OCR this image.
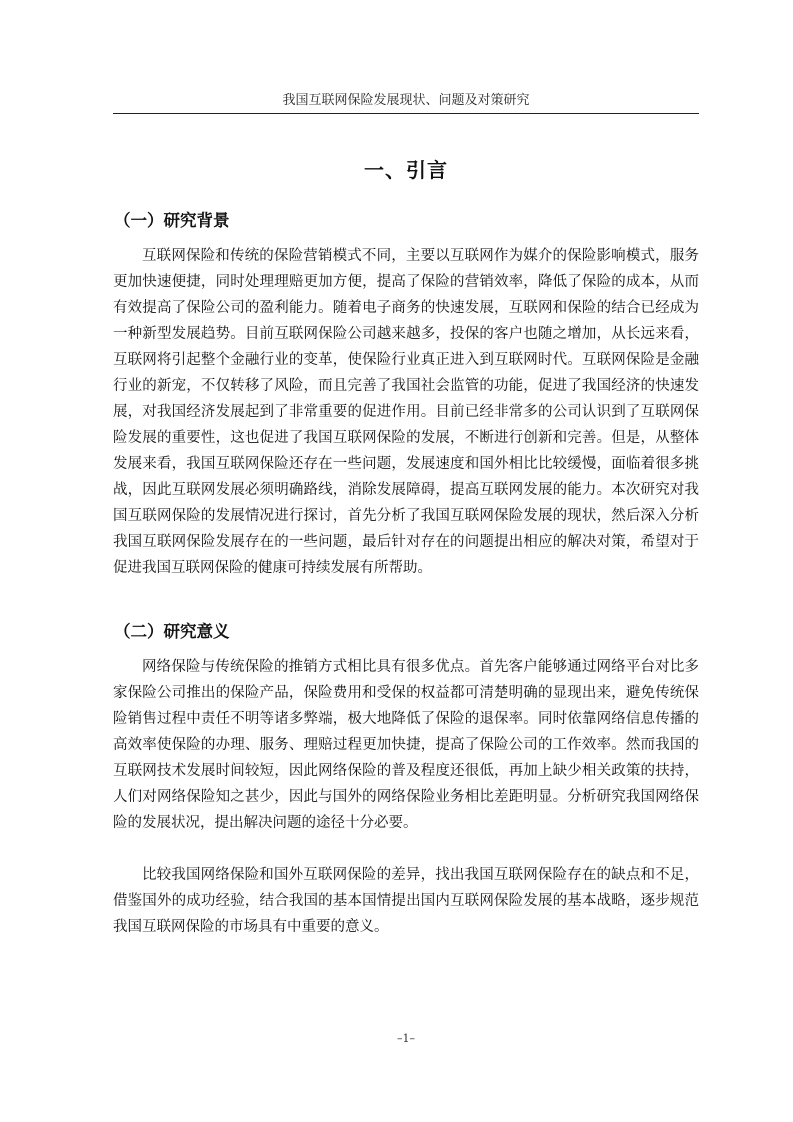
我国互联网保险发展现状、问题及对策研究
一、引言
（一）研究背景

互联网保险和传统的保险营销模式不同，主要以互联网作为媒介的保险影响模式，服务更加快速便捷，同时处理理赔更加方便，提高了保险的营销效率，降低了保险的成本，从而有效提高了保险公司的盈利能力。随着电子商务的快速发展，互联网和保险的结合已经成为一种新型发展趋势。目前互联网保险公司越来越多，投保的客户也随之增加，从长远来看，互联网将引起整个金融行业的变革，使保险行业真正进入到互联网时代。互联网保险是金融行业的新宠，不仅转移了风险，而且完善了我国社会监管的功能，促进了我国经济的快速发展，对我国经济发展起到了非常重要的促进作用。目前已经非常多的公司认识到了互联网保险发展的重要性，这也促进了我国互联网保险的发展，不断进行创新和完善。但是，从整体发展来看，我国互联网保险还存在一些问题，发展速度和国外相比比较缓慢，面临着很多挑战，因此互联网发展必须明确路线，消除发展障碍，提高互联网发展的能力。本次研究对我国互联网保险的发展情况进行探讨，首先分析了我国互联网保险发展的现状，然后深入分析我国互联网保险发展存在的一些问题，最后针对存在的问题提出相应的解决对策，希望对于促进我国互联网保险的健康可持续发展有所帮助。

（二）研究意义

网络保险与传统保险的推销方式相比具有很多优点。首先客户能够通过网络平台对比多家保险公司推出的保险产品，保险费用和受保的权益都可清楚明确的显现出来，避免传统保险销售过程中责任不明等诸多弊端，极大地降低了保险的退保率。同时依靠网络信息传播的高效率使保险的办理、服务、理赔过程更加快捷，提高了保险公司的工作效率。然而我国的互联网技术发展时间较短，因此网络保险的普及程度还很低，再加上缺少相关政策的扶持，人们对网络保险知之甚少，因此与国外的网络保险业务相比差距明显。分析研究我国网络保险的发展状况，提出解决问题的途径十分必要。

比较我国网络保险和国外互联网保险的差异，找出我国互联网保险存在的缺点和不足，借鉴国外的成功经验，结合我国的基本国情提出国内互联网保险发展的基本战略，逐步规范我国互联网保险的市场具有中重要的意义。

–1–
